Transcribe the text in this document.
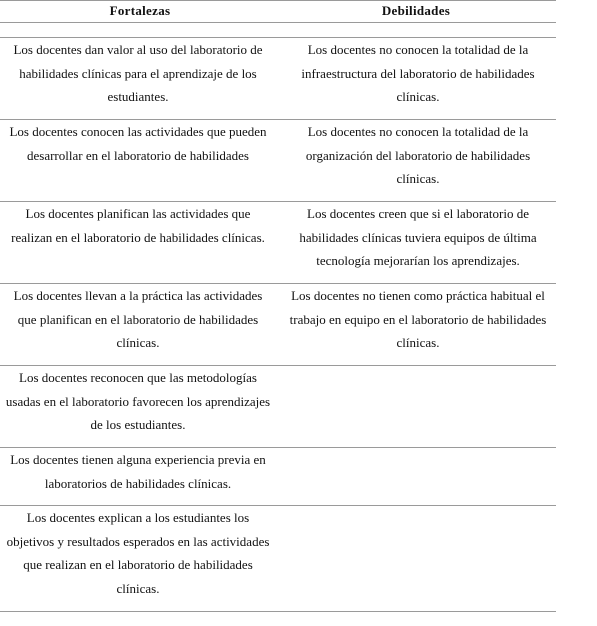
Fortalezas	Debilidades
Los docentes dan valor al uso del laboratorio de habilidades clínicas para el aprendizaje de los estudiantes.
Los docentes no conocen la totalidad de la infraestructura del laboratorio de habilidades clínicas.
Los docentes conocen las actividades que pueden desarrollar en el laboratorio de habilidades
Los docentes no conocen la totalidad de la organización del laboratorio de habilidades clínicas.
Los docentes planifican las actividades que realizan en el laboratorio de habilidades clínicas.
Los docentes creen que si el laboratorio de habilidades clínicas tuviera equipos de última tecnología mejorarían los aprendizajes.
Los docentes llevan a la práctica las actividades que planifican en el laboratorio de habilidades clínicas.
Los docentes no tienen como práctica habitual el trabajo en equipo en el laboratorio de habilidades clínicas.
Los docentes reconocen que las metodologías usadas en el laboratorio favorecen los aprendizajes de los estudiantes.
Los docentes tienen alguna experiencia previa en laboratorios de habilidades clínicas.
Los docentes explican a los estudiantes los objetivos y resultados esperados en las actividades que realizan en el laboratorio de habilidades clínicas.
